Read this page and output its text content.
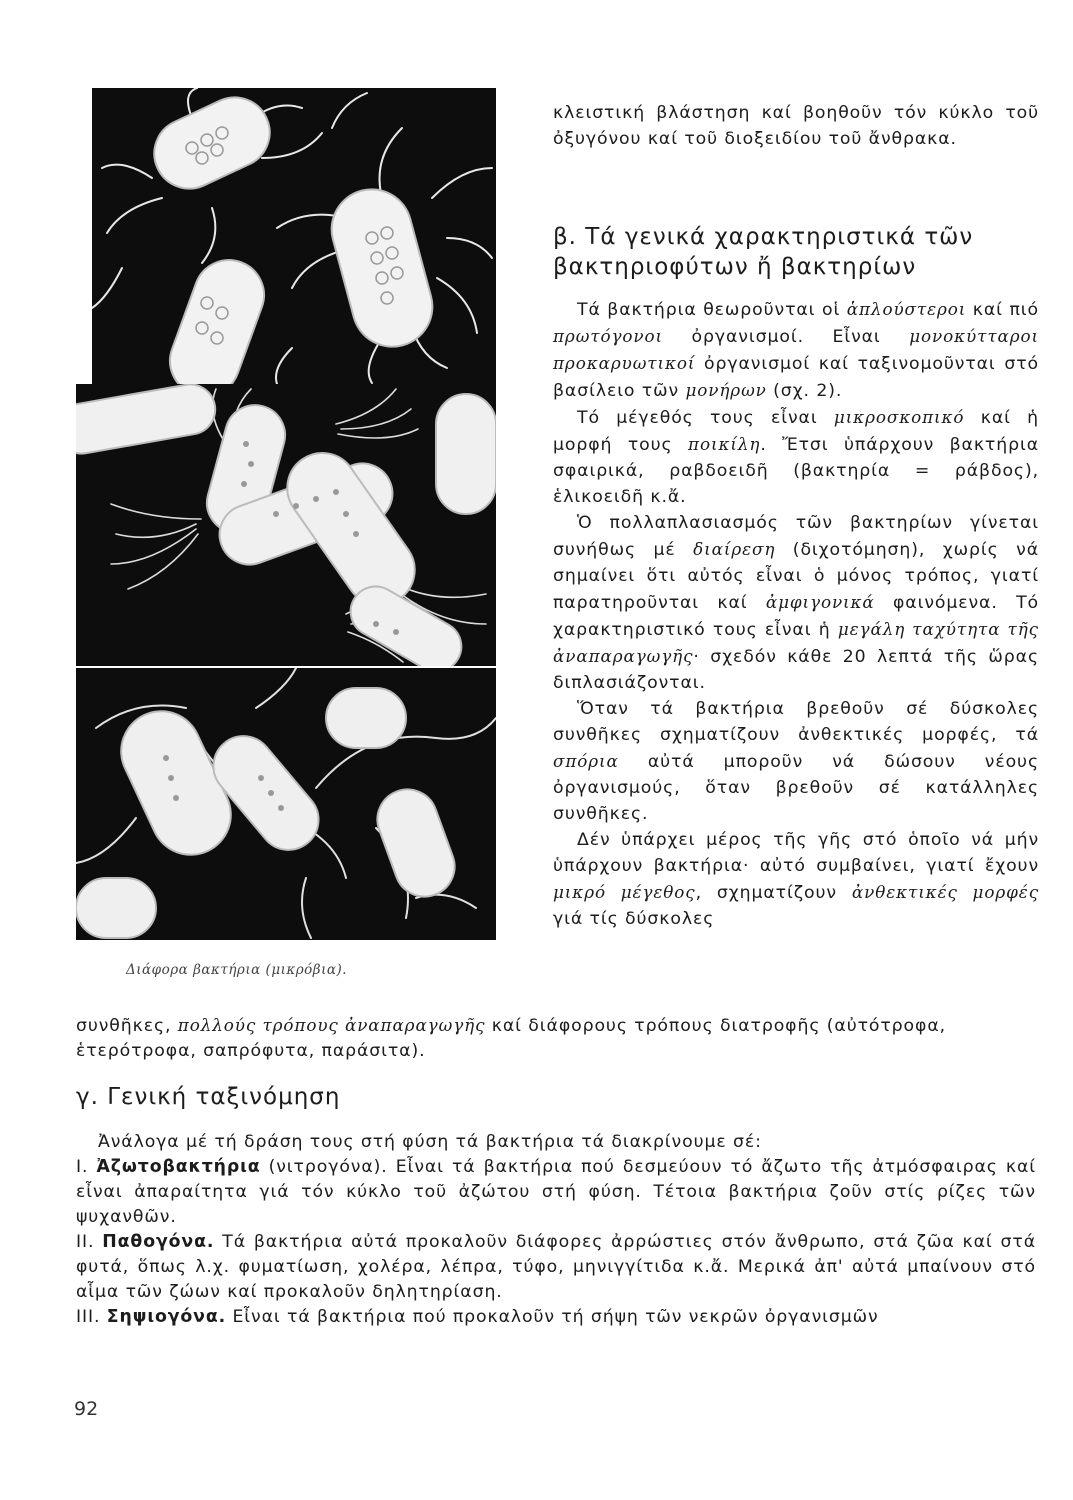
Διάφορα βακτήρια (μικρόβια).

κλειστική βλάστηση καί βοηθοῦν τόν κύκλο τοῦ ὀξυγόνου καί τοῦ διοξειδίου τοῦ ἄνθρακα.

β. Τά γενικά χαρακτηριστικά τῶν βακτηριοφύτων ἤ βακτηρίων

Τά βακτήρια θεωροῦνται οἱ ἁπλούστεροι καί πιό πρωτόγονοι ὀργανισμοί. Εἶναι μονοκύτταροι προκαρυωτικοί ὀργανισμοί καί ταξινομοῦνται στό βασίλειο τῶν μονήρων (σχ. 2).

Τό μέγεθός τους εἶναι μικροσκοπικό καί ἡ μορφή τους ποικίλη. Ἔτσι ὑπάρχουν βακτήρια σφαιρικά, ραβδοειδῆ (βακτηρία = ράβδος), ἑλικοειδῆ κ.ἄ.

Ὁ πολλαπλασιασμός τῶν βακτηρίων γίνεται συνήθως μέ διαίρεση (διχοτόμηση), χωρίς νά σημαίνει ὅτι αὐτός εἶναι ὁ μόνος τρόπος, γιατί παρατηροῦνται καί ἀμφιγονικά φαινόμενα. Τό χαρακτηριστικό τους εἶναι ἡ μεγάλη ταχύτητα τῆς ἀναπαραγωγῆς· σχεδόν κάθε 20 λεπτά τῆς ὥρας διπλασιάζονται.

Ὅταν τά βακτήρια βρεθοῦν σέ δύσκολες συνθῆκες σχηματίζουν ἀνθεκτικές μορφές, τά σπόρια αὐτά μποροῦν νά δώσουν νέους ὀργανισμούς, ὅταν βρεθοῦν σέ κατάλληλες συνθῆκες.

Δέν ὑπάρχει μέρος τῆς γῆς στό ὁποῖο νά μήν ὑπάρχουν βακτήρια· αὐτό συμβαίνει, γιατί ἔχουν μικρό μέγεθος, σχηματίζουν ἀνθεκτικές μορφές γιά τίς δύσκολες

συνθῆκες, πολλούς τρόπους ἀναπαραγωγῆς καί διάφορους τρόπους διατροφῆς (αὐτότροφα, ἑτερότροφα, σαπρόφυτα, παράσιτα).

γ. Γενική ταξινόμηση

Ἀνάλογα μέ τή δράση τους στή φύση τά βακτήρια τά διακρίνουμε σέ:

I. Ἀζωτοβακτήρια (νιτρογόνα). Εἶναι τά βακτήρια πού δεσμεύουν τό ἄζωτο τῆς ἀτμόσφαιρας καί εἶναι ἀπαραίτητα γιά τόν κύκλο τοῦ ἀζώτου στή φύση. Τέτοια βακτήρια ζοῦν στίς ρίζες τῶν ψυχανθῶν.

II. Παθογόνα. Τά βακτήρια αὐτά προκαλοῦν διάφορες ἀρρώστιες στόν ἄνθρωπο, στά ζῶα καί στά φυτά, ὅπως λ.χ. φυματίωση, χολέρα, λέπρα, τύφο, μηνιγγίτιδα κ.ἄ. Μερικά ἀπ' αὐτά μπαίνουν στό αἷμα τῶν ζώων καί προκαλοῦν δηλητηρίαση.

III. Σηψιογόνα. Εἶναι τά βακτήρια πού προκαλοῦν τή σήψη τῶν νεκρῶν ὀργανισμῶν

92
